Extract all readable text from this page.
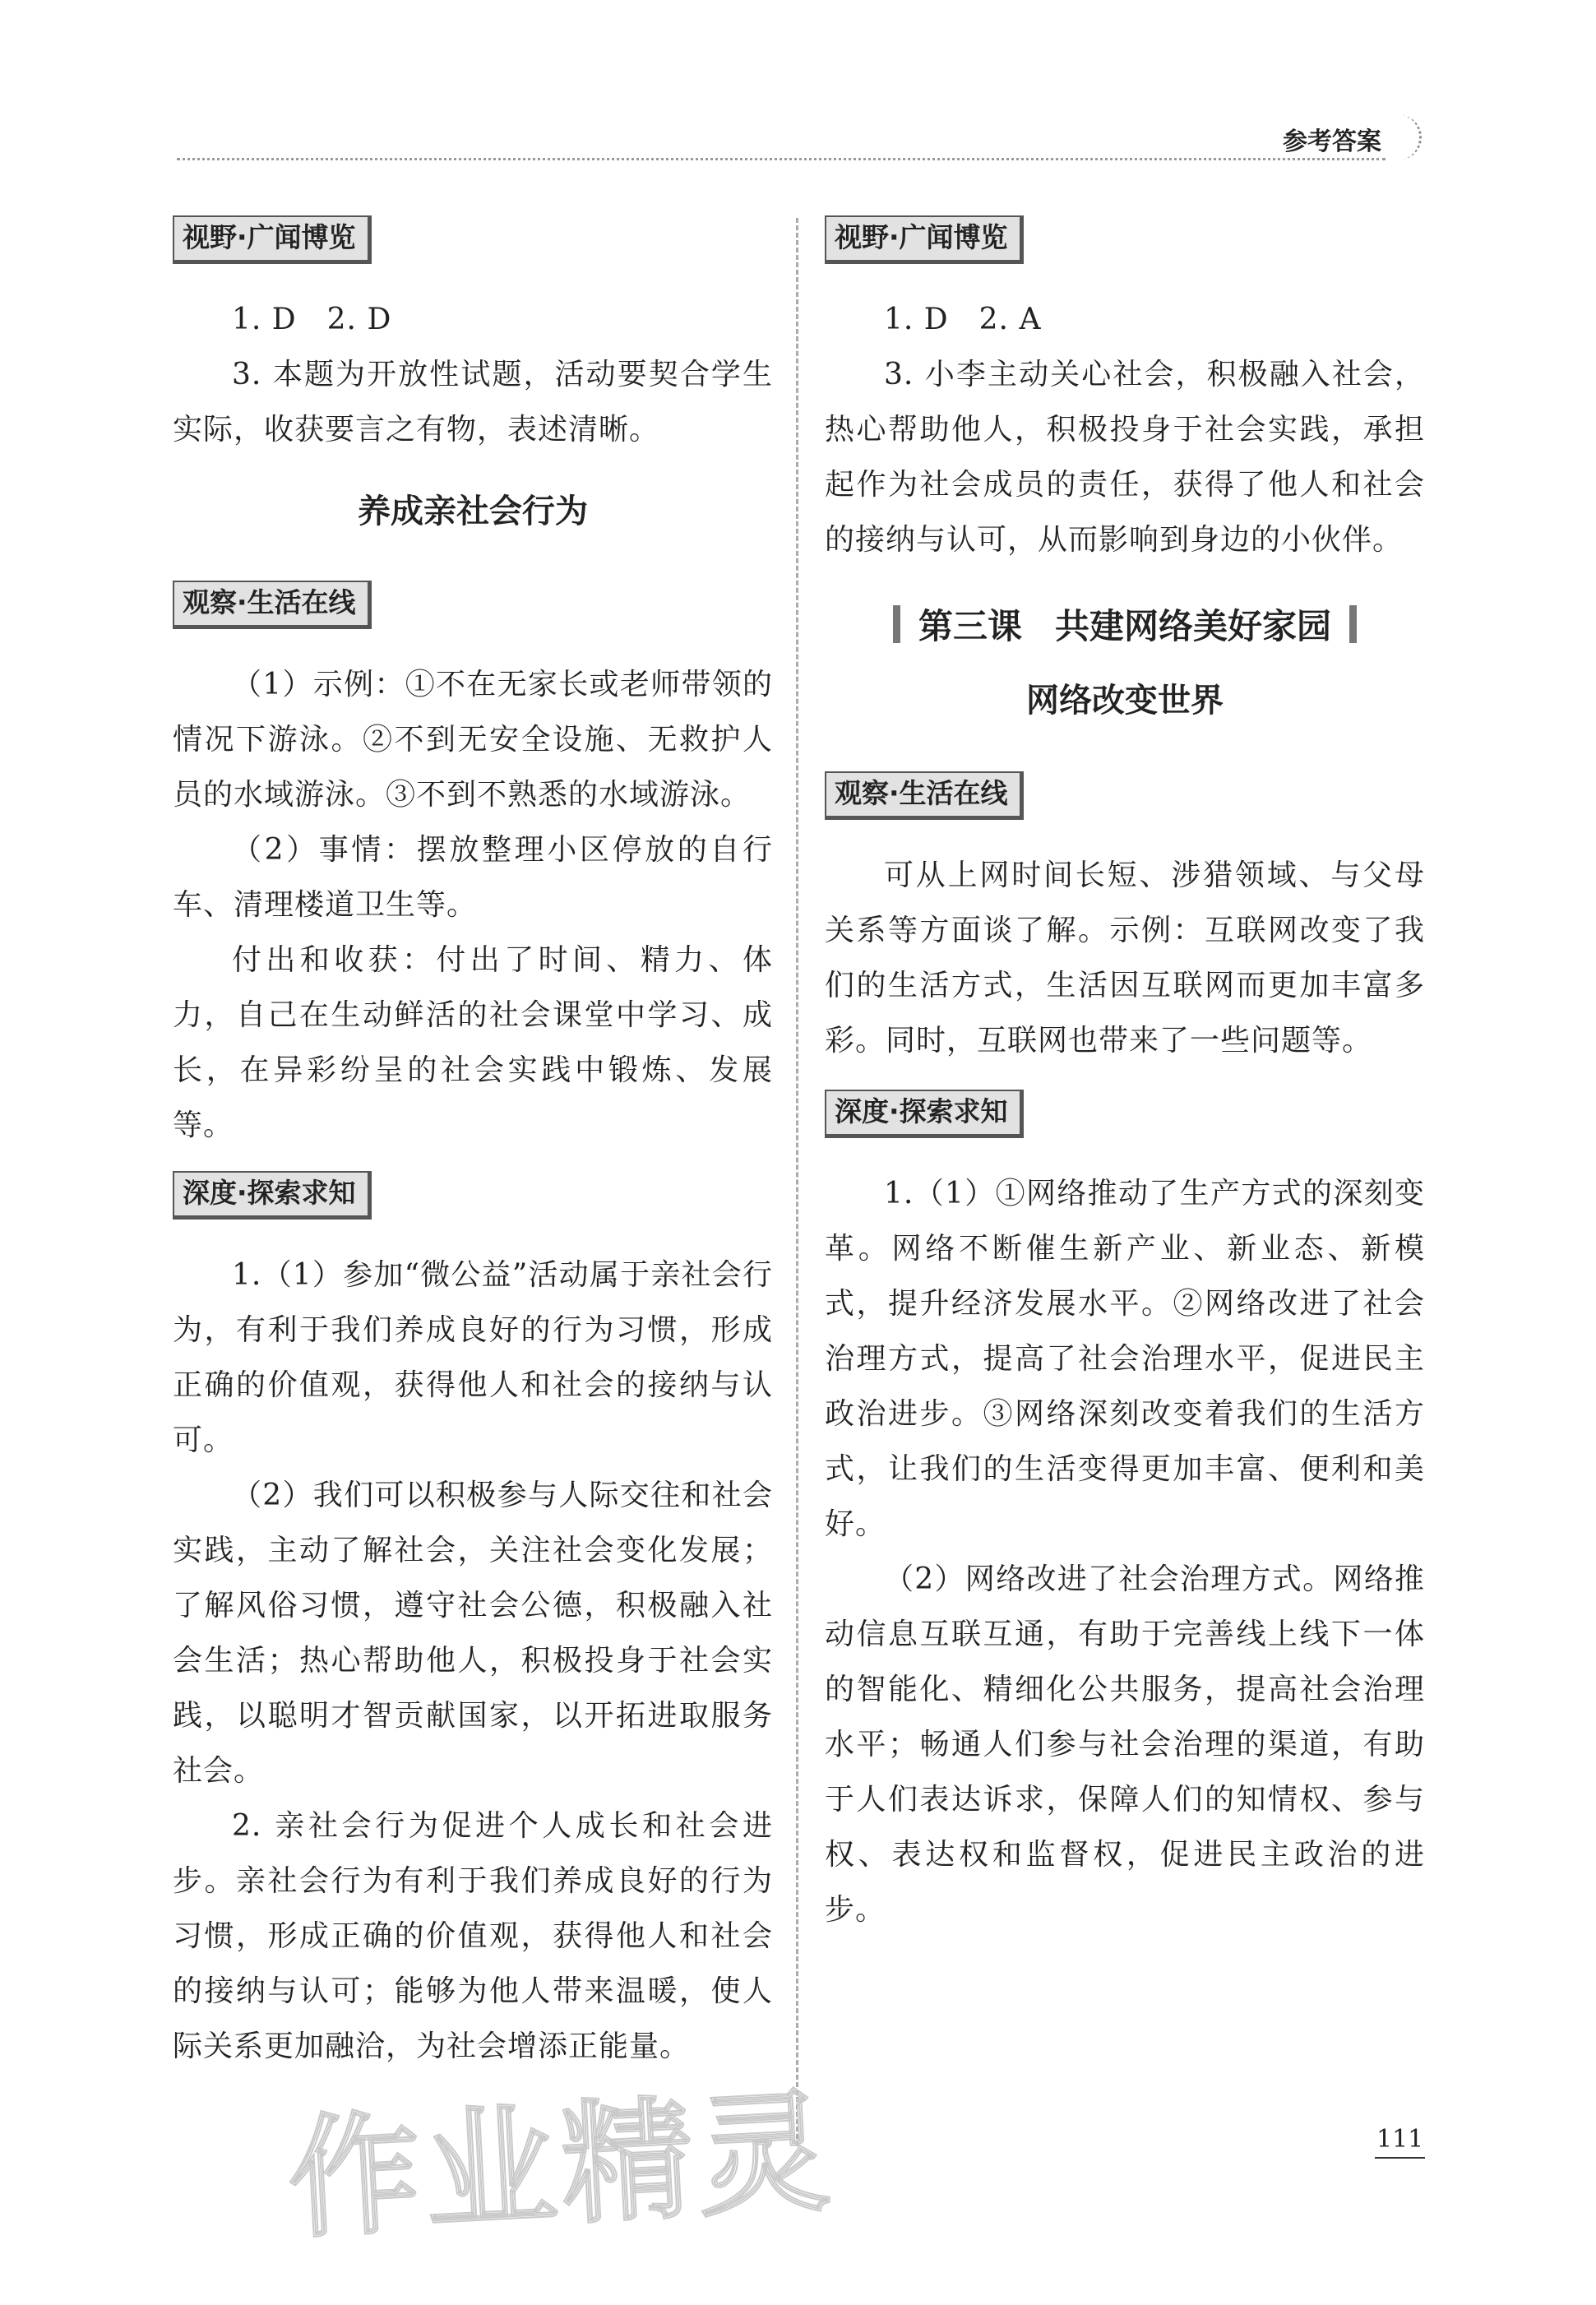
参考答案
视野·广闻博览

1. D　2. D

3. 本题为开放性试题，活动要契合学生实际，收获要言之有物，表述清晰。

养成亲社会行为
观察·生活在线

（1）示例：①不在无家长或老师带领的情况下游泳。②不到无安全设施、无救护人员的水域游泳。③不到不熟悉的水域游泳。

（2）事情：摆放整理小区停放的自行车、清理楼道卫生等。

付出和收获：付出了时间、精力、体力，自己在生动鲜活的社会课堂中学习、成长，在异彩纷呈的社会实践中锻炼、发展等。

深度·探索求知

1.（1）参加“微公益”活动属于亲社会行为，有利于我们养成良好的行为习惯，形成正确的价值观，获得他人和社会的接纳与认可。

（2）我们可以积极参与人际交往和社会实践，主动了解社会，关注社会变化发展；了解风俗习惯，遵守社会公德，积极融入社会生活；热心帮助他人，积极投身于社会实践，以聪明才智贡献国家，以开拓进取服务社会。

2. 亲社会行为促进个人成长和社会进步。亲社会行为有利于我们养成良好的行为习惯，形成正确的价值观，获得他人和社会的接纳与认可；能够为他人带来温暖，使人际关系更加融洽，为社会增添正能量。

视野·广闻博览

1. D　2. A

3. 小李主动关心社会，积极融入社会，热心帮助他人，积极投身于社会实践，承担起作为社会成员的责任，获得了他人和社会的接纳与认可，从而影响到身边的小伙伴。

第三课 共建网络美好家园
网络改变世界
观察·生活在线

可从上网时间长短、涉猎领域、与父母关系等方面谈了解。示例：互联网改变了我们的生活方式，生活因互联网而更加丰富多彩。同时，互联网也带来了一些问题等。

深度·探索求知

1.（1）①网络推动了生产方式的深刻变革。网络不断催生新产业、新业态、新模式，提升经济发展水平。②网络改进了社会治理方式，提高了社会治理水平，促进民主政治进步。③网络深刻改变着我们的生活方式，让我们的生活变得更加丰富、便利和美好。

（2）网络改进了社会治理方式。网络推动信息互联互通，有助于完善线上线下一体的智能化、精细化公共服务，提高社会治理水平；畅通人们参与社会治理的渠道，有助于人们表达诉求，保障人们的知情权、参与权、表达权和监督权，促进民主政治的进步。

111
作业精灵
